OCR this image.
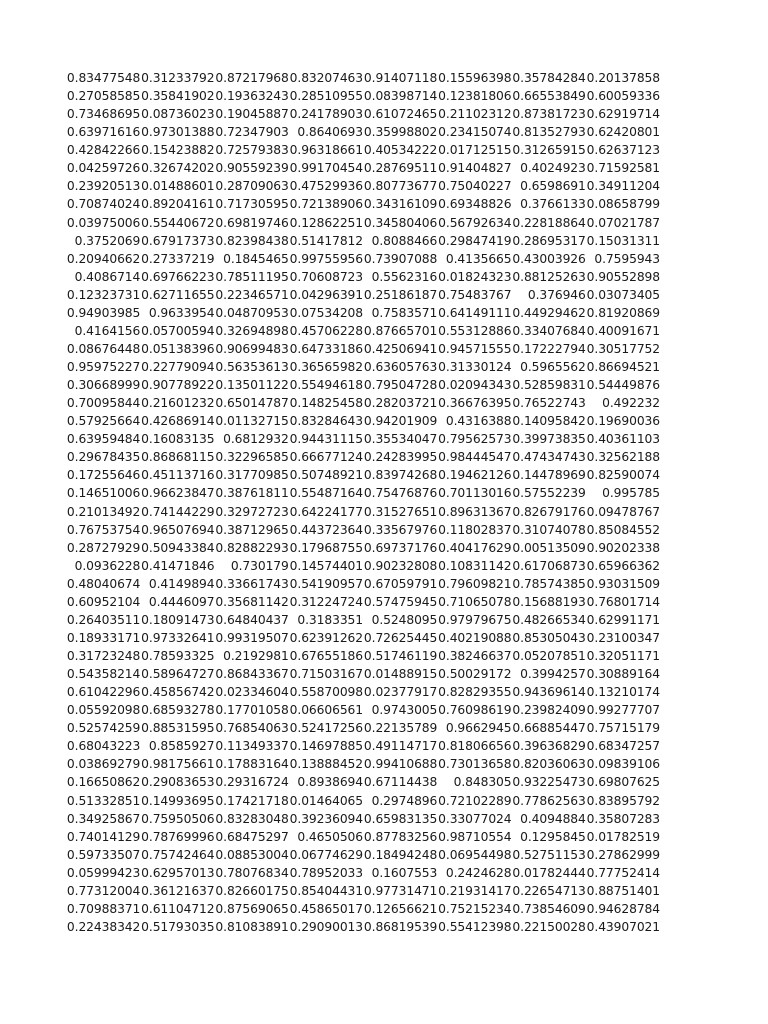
0.83477548	0.31233792	0.87217968	0.83207463	0.91407118	0.15596398	0.35784284	0.20137858
0.27058585	0.35841902	0.19363243	0.28510955	0.08398714	0.12381806	0.66553849	0.60059336
0.73468695	0.08736023	0.19045887	0.24178903	0.61072465	0.21102312	0.87381723	0.62919714
0.63971616	0.97301388	0.72347903	0.8640693	0.35998802	0.23415074	0.81352793	0.62420801
0.42842266	0.15423882	0.72579383	0.96318661	0.40534222	0.01712515	0.31265915	0.62637123
0.04259726	0.32674202	0.90559239	0.99170454	0.28769511	0.91404827	0.4024923	0.71592581
0.23920513	0.01488601	0.28709063	0.47529936	0.80773677	0.75040227	0.6598691	0.34911204
0.70874024	0.89204161	0.71730595	0.72138906	0.34316109	0.69348826	0.3766133	0.08658799
0.03975006	0.55440672	0.69819746	0.12862251	0.34580406	0.56792634	0.22818864	0.07021787
0.3752069	0.67917373	0.82398438	0.51417812	0.8088466	0.29847419	0.28695317	0.15031311
0.20940662	0.27337219	0.1845465	0.99755956	0.73907088	0.4135665	0.43003926	0.7595943
0.4086714	0.69766223	0.78511195	0.70608723	0.5562316	0.01824323	0.88125263	0.90552898
0.12323731	0.62711655	0.22346571	0.04296391	0.25186187	0.75483767	0.376946	0.03073405
0.94903985	0.9633954	0.04870953	0.07534208	0.7583571	0.64149111	0.44929462	0.81920869
0.4164156	0.05700594	0.32694898	0.45706228	0.87665701	0.55312886	0.33407684	0.40091671
0.08676448	0.05138396	0.90699483	0.64733186	0.42506941	0.94571555	0.17222794	0.30517752
0.95975227	0.22779094	0.56353613	0.36565982	0.63605763	0.31330124	0.5965562	0.86694521
0.30668999	0.90778922	0.13501122	0.55494618	0.79504728	0.02094343	0.52859831	0.54449876
0.70095844	0.21601232	0.65014787	0.14825458	0.28203721	0.36676395	0.76522743	0.492232
0.57925664	0.42686914	0.01132715	0.83284643	0.94201909	0.4316388	0.14095842	0.19690036
0.63959484	0.16083135	0.6812932	0.94431115	0.35534047	0.79562573	0.39973835	0.40361103
0.29678435	0.86868115	0.32296585	0.66677124	0.24283995	0.98444547	0.47434743	0.32562188
0.17255646	0.45113716	0.31770985	0.50748921	0.83974268	0.19462126	0.14478969	0.82590074
0.14651006	0.96623847	0.38761811	0.55487164	0.75476876	0.70113016	0.57552239	0.995785
0.21013492	0.74144229	0.32972723	0.64224177	0.31527651	0.89631367	0.82679176	0.09478767
0.76753754	0.96507694	0.38712965	0.44372364	0.33567976	0.11802837	0.31074078	0.85084552
0.28727929	0.50943384	0.82882293	0.17968755	0.69737176	0.40417629	0.00513509	0.90202338
0.0936228	0.41471846	0.730179	0.14574401	0.90232808	0.10831142	0.61706873	0.65966362
0.48040674	0.4149894	0.33661743	0.54190957	0.67059791	0.79609821	0.78574385	0.93031509
0.60952104	0.4446097	0.35681142	0.31224724	0.57475945	0.71065078	0.15688193	0.76801714
0.26403511	0.18091473	0.64840437	0.3183351	0.5248095	0.97979675	0.48266534	0.62991171
0.18933171	0.97332641	0.99319507	0.62391262	0.72625445	0.40219088	0.85305043	0.23100347
0.31723248	0.78593325	0.2192981	0.67655186	0.51746119	0.38246637	0.05207851	0.32051171
0.54358214	0.58964727	0.86843367	0.71503167	0.01488915	0.50029172	0.3994257	0.30889164
0.61042296	0.45856742	0.02334604	0.55870098	0.02377917	0.82829355	0.94369614	0.13210174
0.05592098	0.68593278	0.17701058	0.06606561	0.9743005	0.76098619	0.23982409	0.99277707
0.52574259	0.88531595	0.76854063	0.52417256	0.22135789	0.9662945	0.66885447	0.75715179
0.68043223	0.8585927	0.11349337	0.14697885	0.49114717	0.81806656	0.39636829	0.68347257
0.03869279	0.98175661	0.17883164	0.13888452	0.99410688	0.73013658	0.82036063	0.09839106
0.16650862	0.29083653	0.29316724	0.8938694	0.67114438	0.848305	0.93225473	0.69807625
0.51332851	0.14993695	0.17421718	0.01464065	0.2974896	0.72102289	0.77862563	0.83895792
0.34925867	0.75950506	0.83283048	0.39236094	0.65983135	0.33077024	0.4094884	0.35807283
0.74014129	0.78769996	0.68475297	0.4650506	0.87783256	0.98710554	0.1295845	0.01782519
0.59733507	0.75742464	0.08853004	0.06774629	0.18494248	0.06954498	0.52751153	0.27862999
0.05999423	0.62957013	0.78076834	0.78952033	0.1607553	0.2424628	0.01782444	0.77752414
0.77312004	0.36121637	0.82660175	0.85404431	0.97731471	0.21931417	0.22654713	0.88751401
0.70988371	0.61104712	0.87569065	0.45865017	0.12656621	0.75215234	0.73854609	0.94628784
0.22438342	0.51793035	0.81083891	0.29090013	0.86819539	0.55412398	0.22150028	0.43907021
